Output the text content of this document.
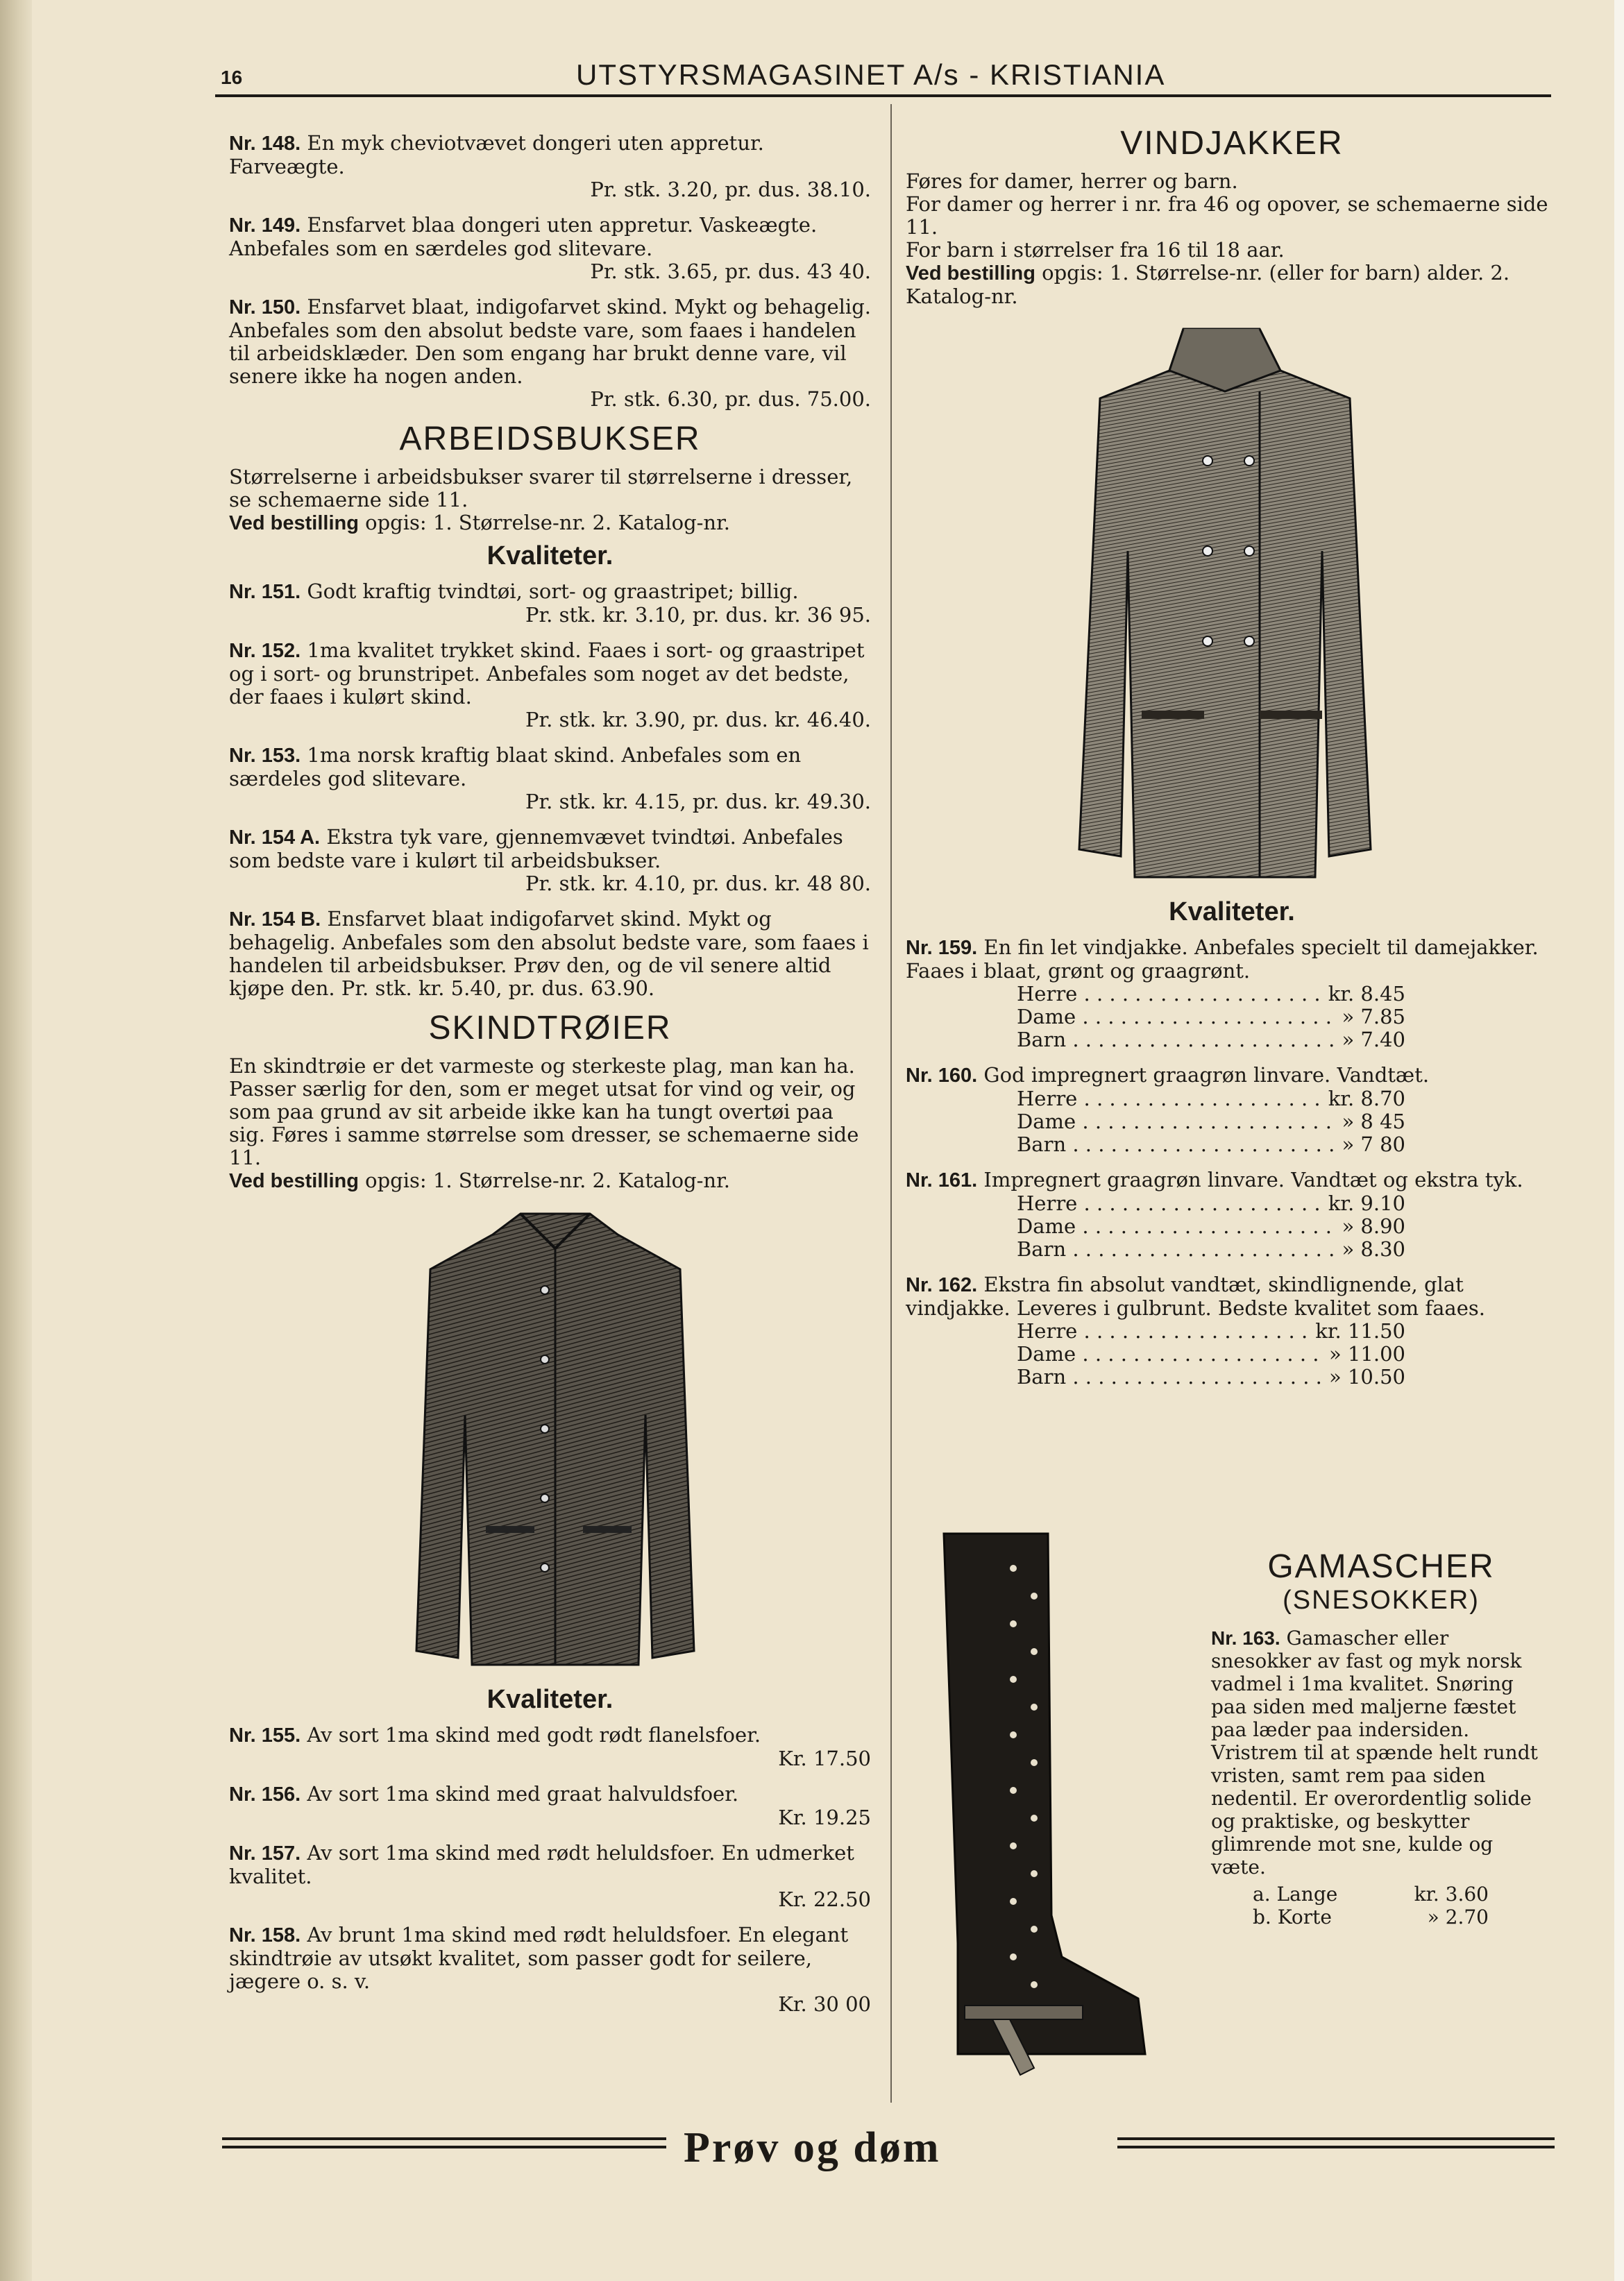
16	UTSTYRSMAGASINET A/s - KRISTIANIA
Nr. 148. En myk cheviotvævet dongeri uten appretur. Farveægte.
Pr. stk. 3.20, pr. dus. 38.10.
Nr. 149. Ensfarvet blaa dongeri uten appretur. Vaskeægte. Anbefales som en særdeles god slitevare.
Pr. stk. 3.65, pr. dus. 43 40.
Nr. 150. Ensfarvet blaat, indigofarvet skind. Mykt og behagelig. Anbefales som den absolut bedste vare, som faaes i handelen til arbeidsklæder. Den som engang har brukt denne vare, vil senere ikke ha nogen anden.
Pr. stk. 6.30, pr. dus. 75.00.
ARBEIDSBUKSER
Størrelserne i arbeidsbukser svarer til størrelserne i dresser, se schemaerne side 11.
Ved bestilling opgis: 1. Størrelse-nr. 2. Katalog-nr.
Kvaliteter.
Nr. 151. Godt kraftig tvindtøi, sort- og graastripet; billig.
Pr. stk. kr. 3.10, pr. dus. kr. 36 95.
Nr. 152. 1ma kvalitet trykket skind. Faaes i sort- og graastripet og i sort- og brunstripet. Anbefales som noget av det bedste, der faaes i kulørt skind.
Pr. stk. kr. 3.90, pr. dus. kr. 46.40.
Nr. 153. 1ma norsk kraftig blaat skind. Anbefales som en særdeles god slitevare.
Pr. stk. kr. 4.15, pr. dus. kr. 49.30.
Nr. 154 A. Ekstra tyk vare, gjennemvævet tvindtøi. Anbefales som bedste vare i kulørt til arbeidsbukser.
Pr. stk. kr. 4.10, pr. dus. kr. 48 80.
Nr. 154 B. Ensfarvet blaat indigofarvet skind. Mykt og behagelig. Anbefales som den absolut bedste vare, som faaes i handelen til arbeidsbukser. Prøv den, og de vil senere altid kjøpe den. Pr. stk. kr. 5.40, pr. dus. 63.90.
SKINDTRØIER
En skindtrøie er det varmeste og sterkeste plag, man kan ha. Passer særlig for den, som er meget utsat for vind og veir, og som paa grund av sit arbeide ikke kan ha tungt overtøi paa sig. Føres i samme størrelse som dresser, se schemaerne side 11.
Ved bestilling opgis: 1. Størrelse-nr. 2. Katalog-nr.
Kvaliteter.
Nr. 155. Av sort 1ma skind med godt rødt flanelsfoer.
Kr. 17.50
Nr. 156. Av sort 1ma skind med graat halvuldsfoer.
Kr. 19.25
Nr. 157. Av sort 1ma skind med rødt heluldsfoer. En udmerket kvalitet.
Kr. 22.50
Nr. 158. Av brunt 1ma skind med rødt heluldsfoer. En elegant skindtrøie av utsøkt kvalitet, som passer godt for seilere, jægere o. s. v.
Kr. 30 00
VINDJAKKER
Føres for damer, herrer og barn.
For damer og herrer i nr. fra 46 og opover, se schemaerne side 11.
For barn i størrelser fra 16 til 18 aar.
Ved bestilling opgis: 1. Størrelse-nr. (eller for barn) alder. 2. Katalog-nr.
Kvaliteter.
Nr. 159. En fin let vindjakke. Anbefales specielt til damejakker. Faaes i blaat, grønt og graagrønt.
Herre . . .	kr. 8.45
Dame . . .	» 7.85
Barn . . .	» 7.40
Nr. 160. God impregnert graagrøn linvare. Vandtæt.
Herre . . .	kr. 8.70
Dame . . .	» 8 45
Barn . . .	» 7 80
Nr. 161. Impregnert graagrøn linvare. Vandtæt og ekstra tyk.
Herre . . .	kr. 9.10
Dame . . .	» 8.90
Barn . . .	» 8.30
Nr. 162. Ekstra fin absolut vandtæt, skindlignende, glat vindjakke. Leveres i gulbrunt. Bedste kvalitet som faaes.
Herre . . .	kr. 11.50
Dame . . .	» 11.00
Barn . . .	» 10.50
GAMASCHER
(SNESOKKER)
Nr. 163. Gamascher eller snesokker av fast og myk norsk vadmel i 1ma kvalitet. Snøring paa siden med maljerne fæstet paa læder paa indersiden. Vristrem til at spænde helt rundt vristen, samt rem paa siden nedentil. Er overordentlig solide og praktiske, og beskytter glimrende mot sne, kulde og væte.
a. Lange	kr. 3.60
b. Korte	» 2.70
Prøv og døm
